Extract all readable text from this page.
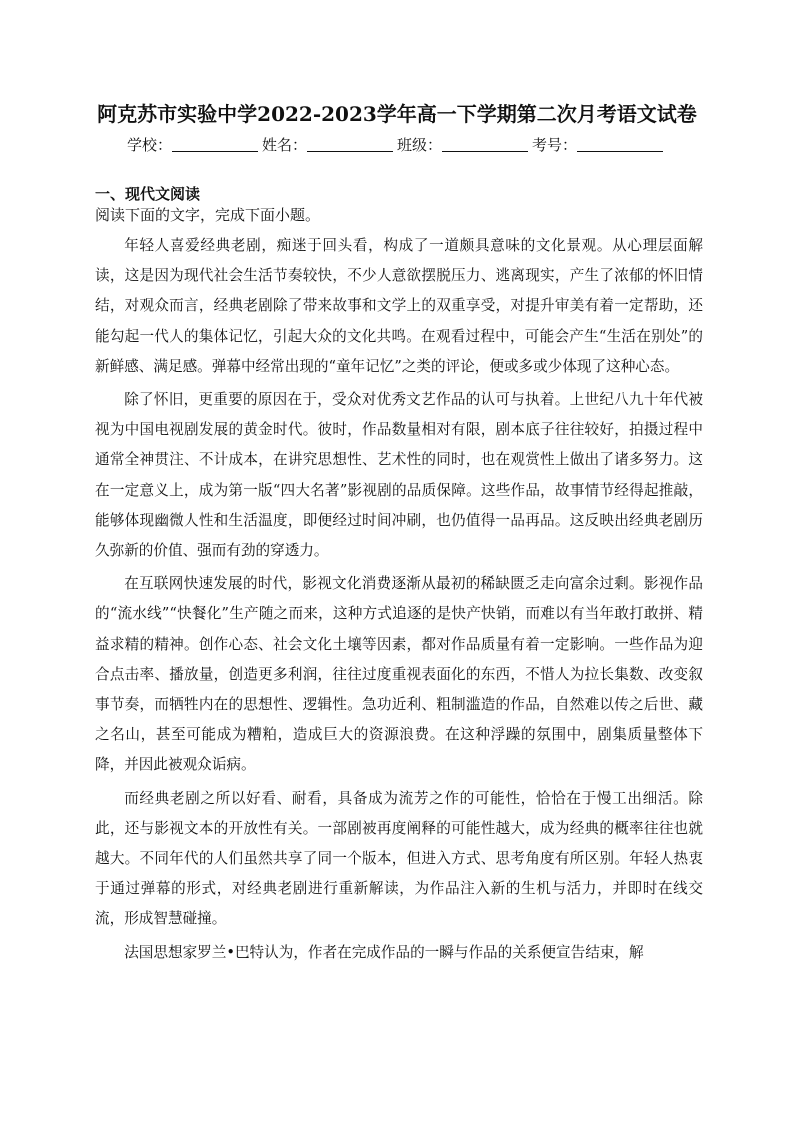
阿克苏市实验中学2022-2023学年高一下学期第二次月考语文试卷
学校：	姓名：	班级：	考号：
一、现代文阅读
阅读下面的文字，完成下面小题。

年轻人喜爱经典老剧，痴迷于回头看，构成了一道颇具意味的文化景观。从心理层面解读，这是因为现代社会生活节奏较快，不少人意欲摆脱压力、逃离现实，产生了浓郁的怀旧情结，对观众而言，经典老剧除了带来故事和文学上的双重享受，对提升审美有着一定帮助，还能勾起一代人的集体记忆，引起大众的文化共鸣。在观看过程中，可能会产生“生活在别处”的新鲜感、满足感。弹幕中经常出现的“童年记忆”之类的评论，便或多或少体现了这种心态。

除了怀旧，更重要的原因在于，受众对优秀文艺作品的认可与执着。上世纪八九十年代被视为中国电视剧发展的黄金时代。彼时，作品数量相对有限，剧本底子往往较好，拍摄过程中通常全神贯注、不计成本，在讲究思想性、艺术性的同时，也在观赏性上做出了诸多努力。这在一定意义上，成为第一版“四大名著”影视剧的品质保障。这些作品，故事情节经得起推敲，能够体现幽微人性和生活温度，即便经过时间冲刷，也仍值得一品再品。这反映出经典老剧历久弥新的价值、强而有劲的穿透力。

在互联网快速发展的时代，影视文化消费逐渐从最初的稀缺匮乏走向富余过剩。影视作品的“流水线”“快餐化”生产随之而来，这种方式追逐的是快产快销，而难以有当年敢打敢拼、精益求精的精神。创作心态、社会文化土壤等因素，都对作品质量有着一定影响。一些作品为迎合点击率、播放量，创造更多利润，往往过度重视表面化的东西，不惜人为拉长集数、改变叙事节奏，而牺牲内在的思想性、逻辑性。急功近利、粗制滥造的作品，自然难以传之后世、藏之名山，甚至可能成为糟粕，造成巨大的资源浪费。在这种浮躁的氛围中，剧集质量整体下降，并因此被观众诟病。

而经典老剧之所以好看、耐看，具备成为流芳之作的可能性，恰恰在于慢工出细活。除此，还与影视文本的开放性有关。一部剧被再度阐释的可能性越大，成为经典的概率往往也就越大。不同年代的人们虽然共享了同一个版本，但进入方式、思考角度有所区别。年轻人热衷于通过弹幕的形式，对经典老剧进行重新解读，为作品注入新的生机与活力，并即时在线交流，形成智慧碰撞。

法国思想家罗兰•巴特认为，作者在完成作品的一瞬与作品的关系便宣告结束，解
